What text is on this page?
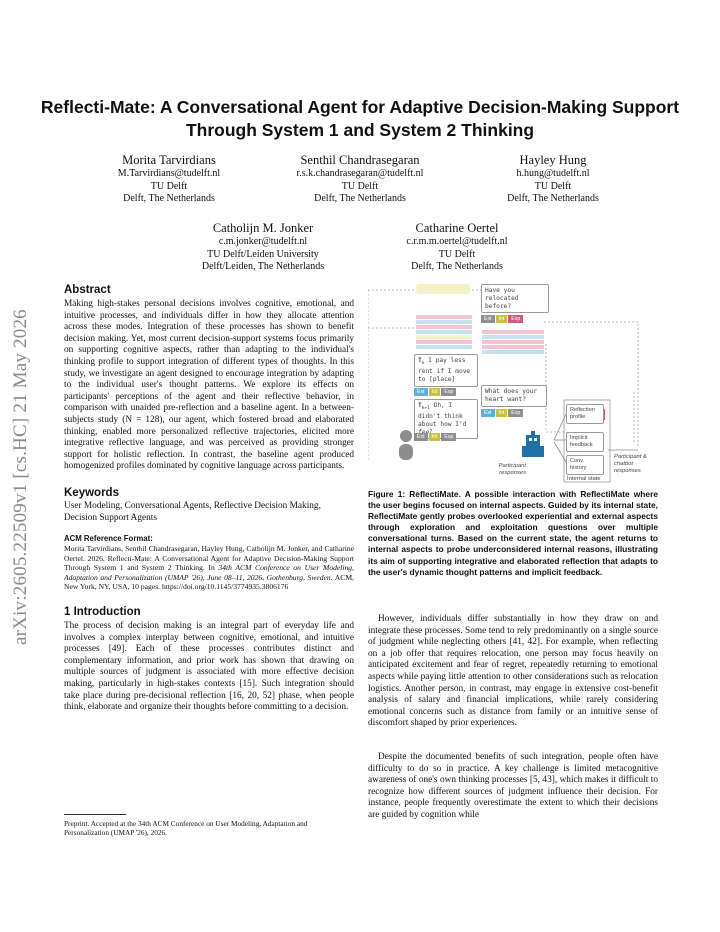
arXiv:2605.22509v1 [cs.HC] 21 May 2026
Reflecti-Mate: A Conversational Agent for Adaptive Decision-Making Support Through System 1 and System 2 Thinking
Morita Tarvirdians
M.Tarvirdians@tudelft.nl
TU Delft
Delft, The Netherlands
Senthil Chandrasegaran
r.s.k.chandrasegaran@tudelft.nl
TU Delft
Delft, The Netherlands
Hayley Hung
h.hung@tudelft.nl
TU Delft
Delft, The Netherlands
Catholijn M. Jonker
c.m.jonker@tudelft.nl
TU Delft/Leiden University
Delft/Leiden, The Netherlands
Catharine Oertel
c.r.m.m.oertel@tudelft.nl
TU Delft
Delft, The Netherlands
Abstract
Making high-stakes personal decisions involves cognitive, emotional, and intuitive processes, and individuals differ in how they allocate attention across these modes. Integration of these processes has shown to benefit decision making. Yet, most current decision-support systems focus primarily on supporting cognitive aspects, rather than adapting to the individual's thinking profile to support integration of different types of thoughts. In this study, we investigate an agent designed to encourage integration by adapting to the individual user's thought patterns. We explore its effects on participants' perceptions of the agent and their reflective behavior, in comparison with unaided pre-reflection and a baseline agent. In a between-subjects study (N = 128), our agent, which fostered broad and elaborated thinking, enabled more personalized reflective trajectories, elicited more integrative reflective language, and was perceived as providing stronger support for holistic reflection. In contrast, the baseline agent produced homogenized profiles dominated by cognitive language across participants.
Keywords
User Modeling, Conversational Agents, Reflective Decision Making, Decision Support Agents
ACM Reference Format:
Morita Tarvirdians, Senthil Chandrasegaran, Hayley Hung, Catholijn M. Jonker, and Catharine Oertel. 2026. Reflecti-Mate: A Conversational Agent for Adaptive Decision-Making Support Through System 1 and System 2 Thinking. In 34th ACM Conference on User Modeling, Adaptation and Personalization (UMAP '26), June 08–11, 2026, Gothenburg, Sweden. ACM, New York, NY, USA, 10 pages. https://doi.org/10.1145/3774935.3806176
1 Introduction
The process of decision making is an integral part of everyday life and involves a complex interplay between cognitive, emotional, and intuitive processes [49]. Each of these processes contributes distinct and complementary information, and prior work has shown that drawing on multiple sources of judgment is associated with more effective decision making, particularly in high-stakes contexts [15]. Such integration should take place during pre-decisional reflection [16, 20, 52] phase, when people think, elaborate and organize their thoughts before committing to a decision.
Preprint. Accepted at the 34th ACM Conference on User Modeling, Adaptation and Personalization (UMAP '26), 2026.
Have you relocated before?
Ext	Int	Exp
$T_k$ I pay less rent if I move to [place]
Ext	Int	Exp
$T_{k+1}$ Oh, I didn't think about how I'd
Ext	Int	Exp
What does your heart want?
Ext	Int	Exp	Reflection profile
Implicit feedback
Conv. history
Internal state
Participant responses
Participant & chatbot responses
Figure 1: ReflectiMate. A possible interaction with ReflectiMate where the user begins focused on internal aspects. Guided by its internal state, ReflectiMate gently probes overlooked experiential and external aspects through exploration and exploitation questions over multiple conversational turns. Based on the current state, the agent returns to internal aspects to probe underconsidered internal reasons, illustrating its aim of supporting integrative and elaborated reflection that adapts to the user's dynamic thought patterns and implicit feedback.
However, individuals differ substantially in how they draw on and integrate these processes. Some tend to rely predominantly on a single source of judgment while neglecting others [41, 42]. For example, when reflecting on a job offer that requires relocation, one person may focus heavily on anticipated excitement and fear of regret, repeatedly returning to emotional aspects while paying little attention to other considerations such as relocation logistics. Another person, in contrast, may engage in extensive cost-benefit analysis of salary and financial implications, while rarely considering emotional concerns such as distance from family or an intuitive sense of discomfort shaped by prior experiences.
Despite the documented benefits of such integration, people often have difficulty to do so in practice. A key challenge is limited metacognitive awareness of one's own thinking processes [5, 43], which makes it difficult to recognize how different sources of judgment influence their decision. For instance, people frequently overestimate the extent to which their decisions are guided by cognition while
